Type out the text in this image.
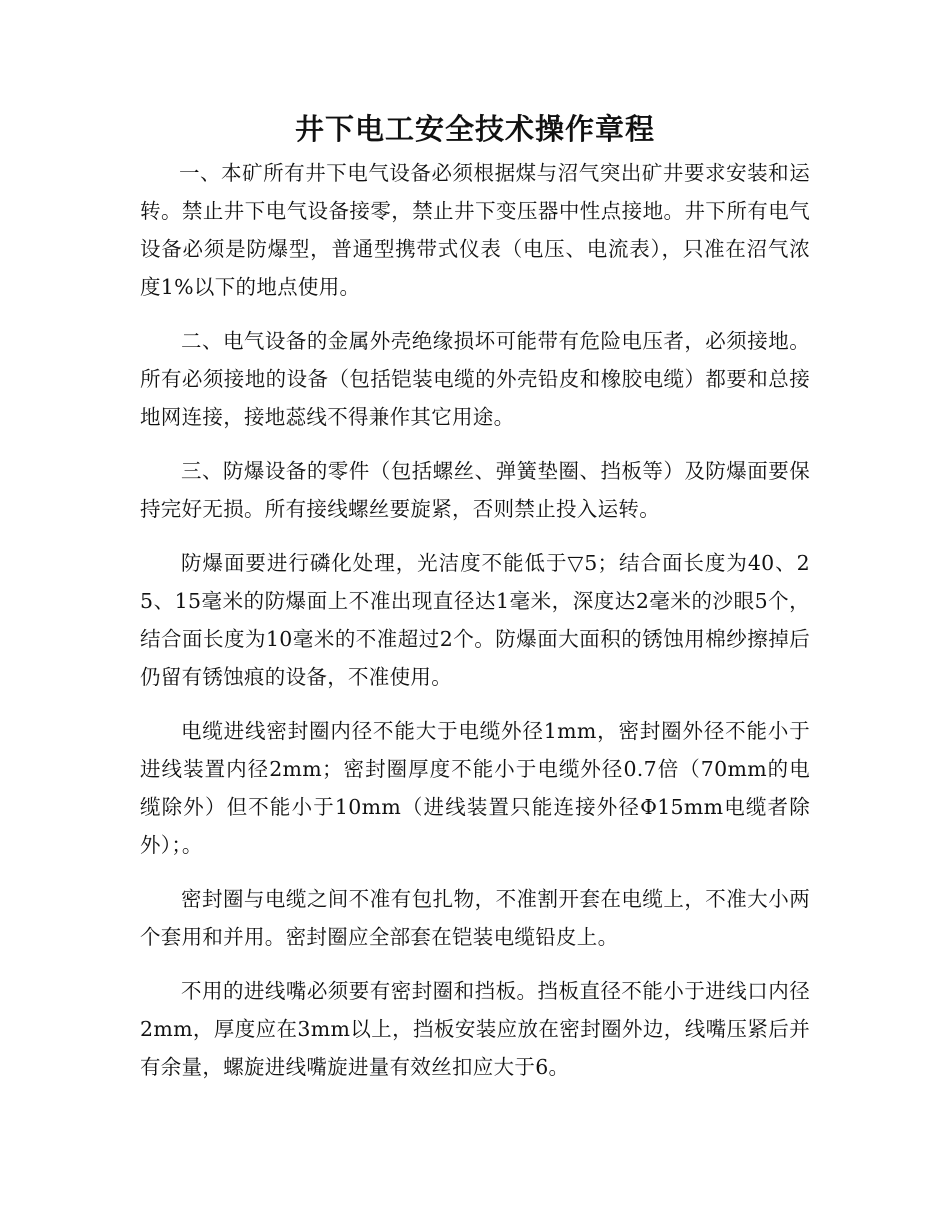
井下电工安全技术操作章程

一、本矿所有井下电气设备必须根据煤与沼气突出矿井要求安装和运转。禁止井下电气设备接零，禁止井下变压器中性点接地。井下所有电气设备必须是防爆型，普通型携带式仪表（电压、电流表），只准在沼气浓度1%以下的地点使用。

二、电气设备的金属外壳绝缘损坏可能带有危险电压者，必须接地。所有必须接地的设备（包括铠装电缆的外壳铅皮和橡胶电缆）都要和总接地网连接，接地蕊线不得兼作其它用途。

三、防爆设备的零件（包括螺丝、弹簧垫圈、挡板等）及防爆面要保持完好无损。所有接线螺丝要旋紧，否则禁止投入运转。

防爆面要进行磷化处理，光洁度不能低于▽5；结合面长度为40、25、15毫米的防爆面上不准出现直径达1毫米，深度达2毫米的沙眼5个，结合面长度为10毫米的不准超过2个。防爆面大面积的锈蚀用棉纱擦掉后仍留有锈蚀痕的设备，不准使用。

电缆进线密封圈内径不能大于电缆外径1mm，密封圈外径不能小于进线装置内径2mm；密封圈厚度不能小于电缆外径0.7倍（70mm的电缆除外）但不能小于10mm（进线装置只能连接外径Φ15mm电缆者除外）；。

密封圈与电缆之间不准有包扎物，不准割开套在电缆上，不准大小两个套用和并用。密封圈应全部套在铠装电缆铅皮上。

不用的进线嘴必须要有密封圈和挡板。挡板直径不能小于进线口内径2mm，厚度应在3mm以上，挡板安装应放在密封圈外边，线嘴压紧后并有余量，螺旋进线嘴旋进量有效丝扣应大于6。
